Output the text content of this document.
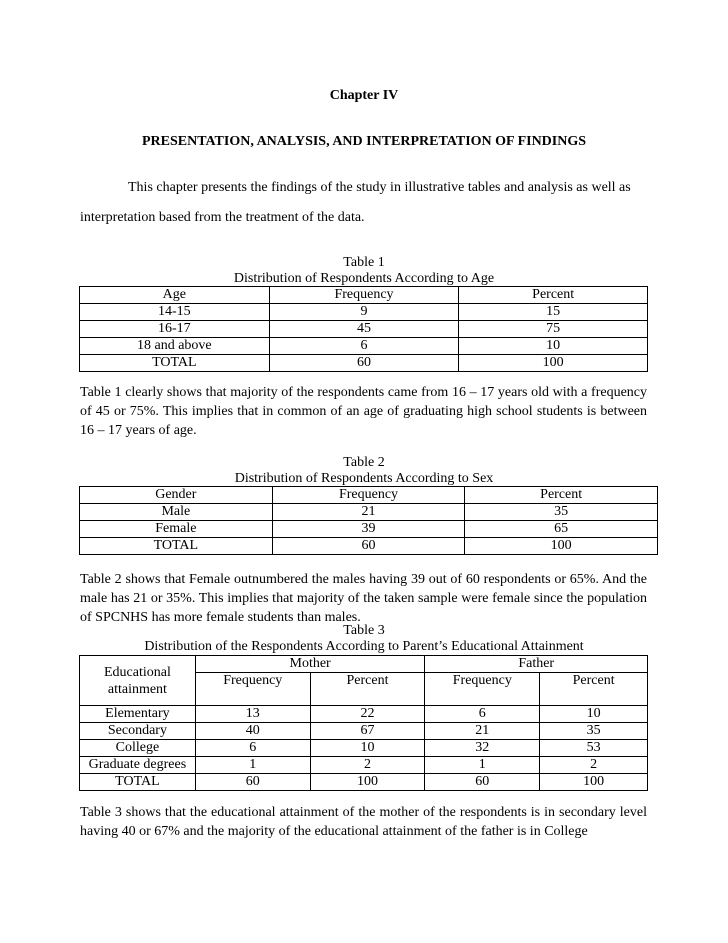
Chapter IV
PRESENTATION, ANALYSIS, AND INTERPRETATION OF FINDINGS
This chapter presents the findings of the study in illustrative tables and analysis as well as
interpretation based from the treatment of the data.
Table 1
Distribution of Respondents According to Age
Age	Frequency	Percent
14-15	9	15
16-17	45	75
18 and above	6	10
TOTAL	60	100
Table 1 clearly shows that majority of the respondents came from 16 – 17 years old with a frequency of 45 or 75%. This implies that in common of an age of graduating high school students is between 16 – 17 years of age.
Table 2
Distribution of Respondents According to Sex
Gender	Frequency	Percent
Male	21	35
Female	39	65
TOTAL	60	100
Table 2 shows that Female outnumbered the males having 39 out of 60 respondents or 65%. And the male has 21 or 35%. This implies that majority of the taken sample were female since the population of SPCNHS has more female students than males.
Table 3
Distribution of the Respondents According to Parent’s Educational Attainment
Educational attainment	Mother		Father	
	Frequency	Percent	Frequency	Percent
Elementary	13	22	6	10
Secondary	40	67	21	35
College	6	10	32	53
Graduate degrees	1	2	1	2
TOTAL	60	100	60	100
Table 3 shows that the educational attainment of the mother of the respondents is in secondary level having 40 or 67% and the majority of the educational attainment of the father is in College
